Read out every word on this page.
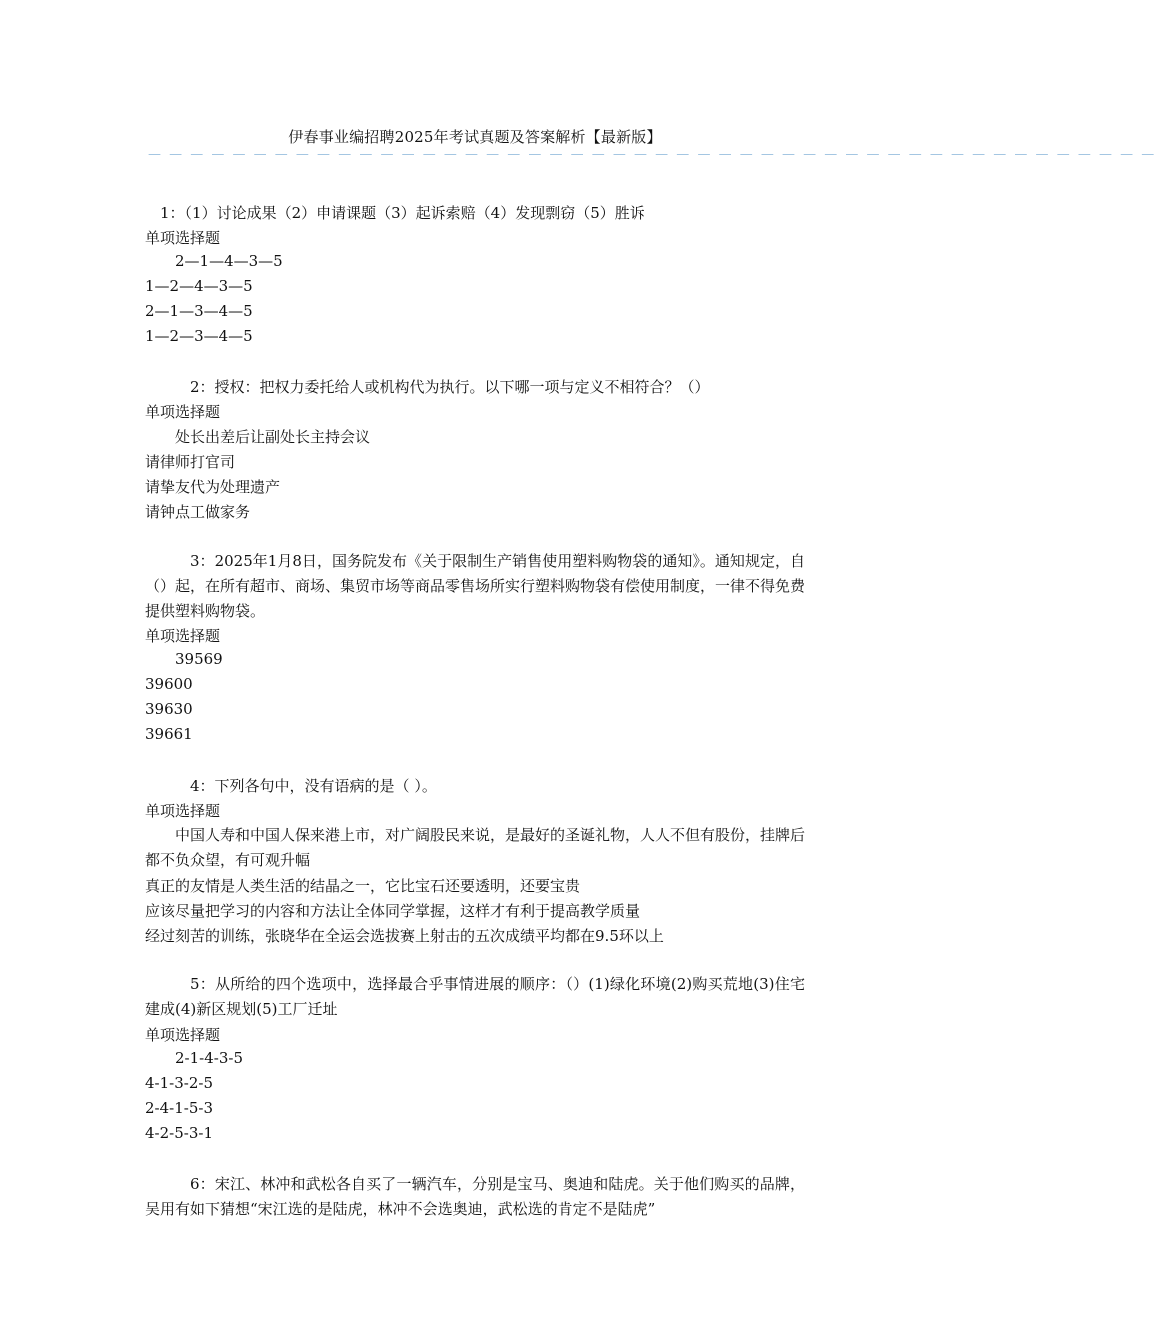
伊春事业编招聘2025年考试真题及答案解析【最新版】
— — — — — — — — — — — — — — — — — — — — — — — — — — — — — — — — — — — — — — — — — — — — — — — —
1：（1）讨论成果（2）申请课题（3）起诉索赔（4）发现剽窃（5）胜诉
单项选择题
2—1—4—3—5
1—2—4—3—5
2—1—3—4—5
1—2—3—4—5
2：授权：把权力委托给人或机构代为执行。以下哪一项与定义不相符合？（）
单项选择题
处长出差后让副处长主持会议
请律师打官司
请挚友代为处理遗产
请钟点工做家务
3：2025年1月8日，国务院发布《关于限制生产销售使用塑料购物袋的通知》。通知规定，自（）起，在所有超市、商场、集贸市场等商品零售场所实行塑料购物袋有偿使用制度，一律不得免费提供塑料购物袋。
单项选择题
39569
39600
39630
39661
4：下列各句中，没有语病的是（ ）。
单项选择题
中国人寿和中国人保来港上市，对广阔股民来说，是最好的圣诞礼物，人人不但有股份，挂牌后都不负众望，有可观升幅
真正的友情是人类生活的结晶之一，它比宝石还要透明，还要宝贵
应该尽量把学习的内容和方法让全体同学掌握，这样才有利于提高教学质量
经过刻苦的训练，张晓华在全运会选拔赛上射击的五次成绩平均都在9.5环以上
5：从所给的四个选项中，选择最合乎事情进展的顺序：（）(1)绿化环境(2)购买荒地(3)住宅建成(4)新区规划(5)工厂迁址
单项选择题
2-1-4-3-5
4-1-3-2-5
2-4-1-5-3
4-2-5-3-1
6：宋江、林冲和武松各自买了一辆汽车，分别是宝马、奥迪和陆虎。关于他们购买的品牌，吴用有如下猜想“宋江选的是陆虎，林冲不会选奥迪，武松选的肯定不是陆虎”
